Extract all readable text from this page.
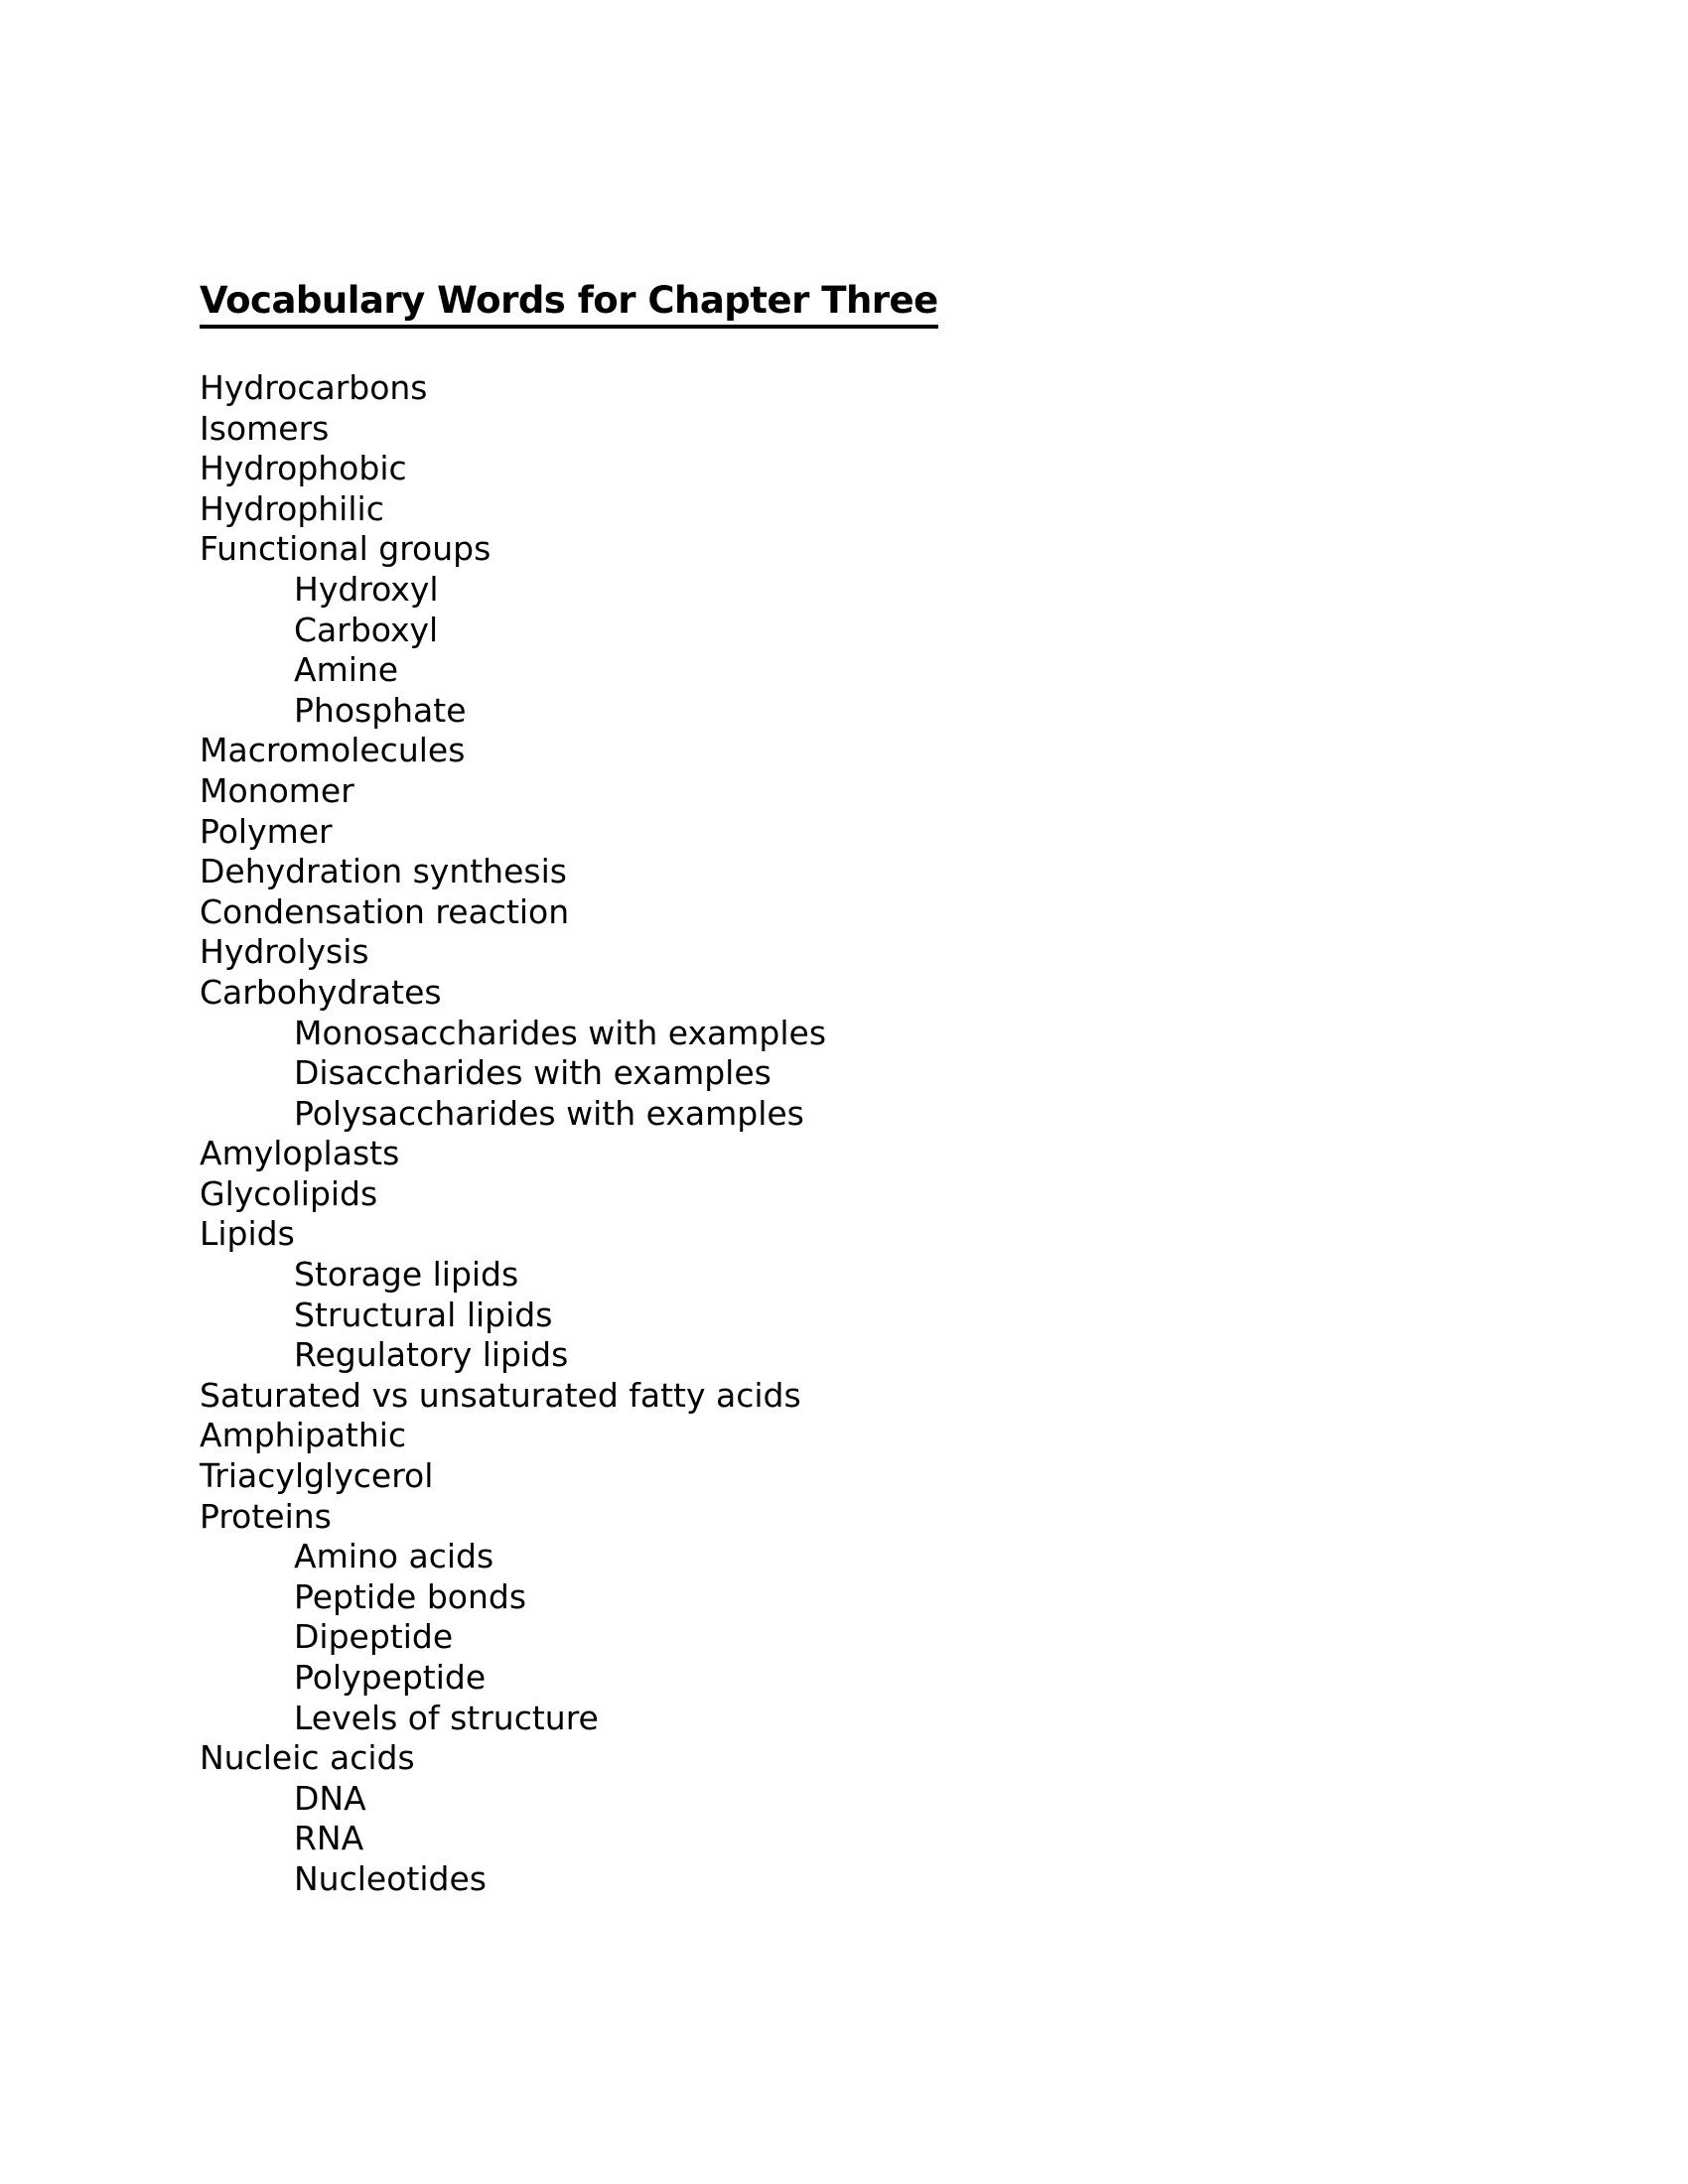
Vocabulary Words for Chapter Three
Hydrocarbons
Isomers
Hydrophobic
Hydrophilic
Functional groups
Hydroxyl
Carboxyl
Amine
Phosphate
Macromolecules
Monomer
Polymer
Dehydration synthesis
Condensation reaction
Hydrolysis
Carbohydrates
Monosaccharides with examples
Disaccharides with examples
Polysaccharides with examples
Amyloplasts
Glycolipids
Lipids
Storage lipids
Structural lipids
Regulatory lipids
Saturated vs unsaturated fatty acids
Amphipathic
Triacylglycerol
Proteins
Amino acids
Peptide bonds
Dipeptide
Polypeptide
Levels of structure
Nucleic acids
DNA
RNA
Nucleotides
